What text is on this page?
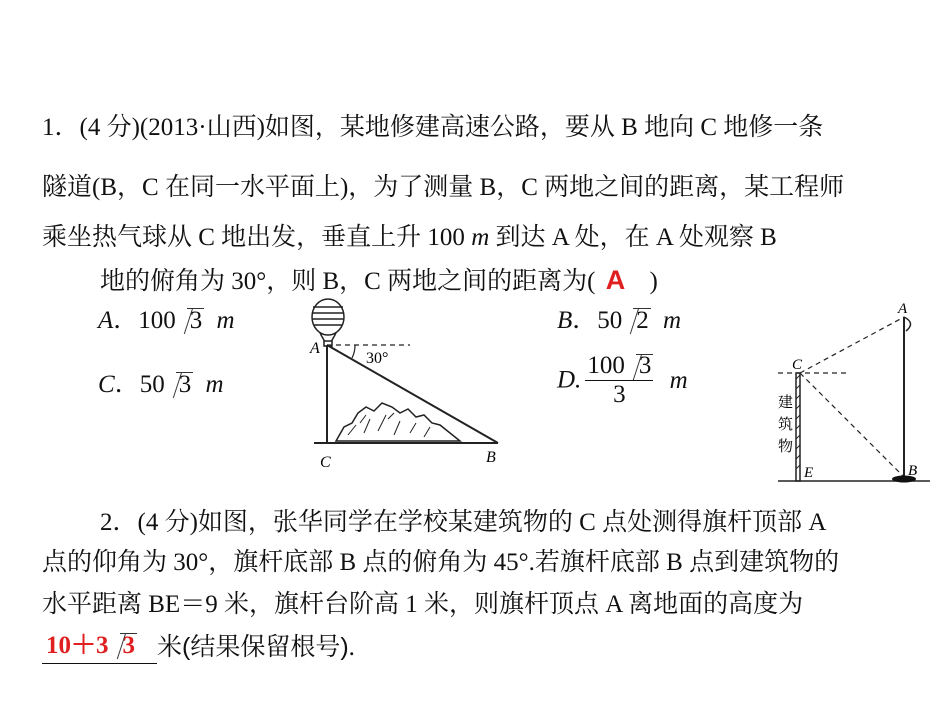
1．(4 分)(2013·山西)如图，某地修建高速公路，要从 B 地向 C 地修一条
隧道(B，C 在同一水平面上)，为了测量 B，C 两地之间的距离，某工程师
乘坐热气球从 C 地出发，垂直上升 100 m 到达 A 处，在 A 处观察 B
地的俯角为 30°，则 B，C 两地之间的距离为( A )
A．100 3 m	B．50 2 m
C．50 3 m	D. $\frac{100 3}{3}$ m
A
30°
C	B
A
C
E	B
建
筑
物
2．(4 分)如图，张华同学在学校某建筑物的 C 点处测得旗杆顶部 A
点的仰角为 30°，旗杆底部 B 点的俯角为 45°.若旗杆底部 B 点到建筑物的
水平距离 BE＝9 米，旗杆台阶高 1 米，则旗杆顶点 A 离地面的高度为
10＋3 3 米(结果保留根号).
